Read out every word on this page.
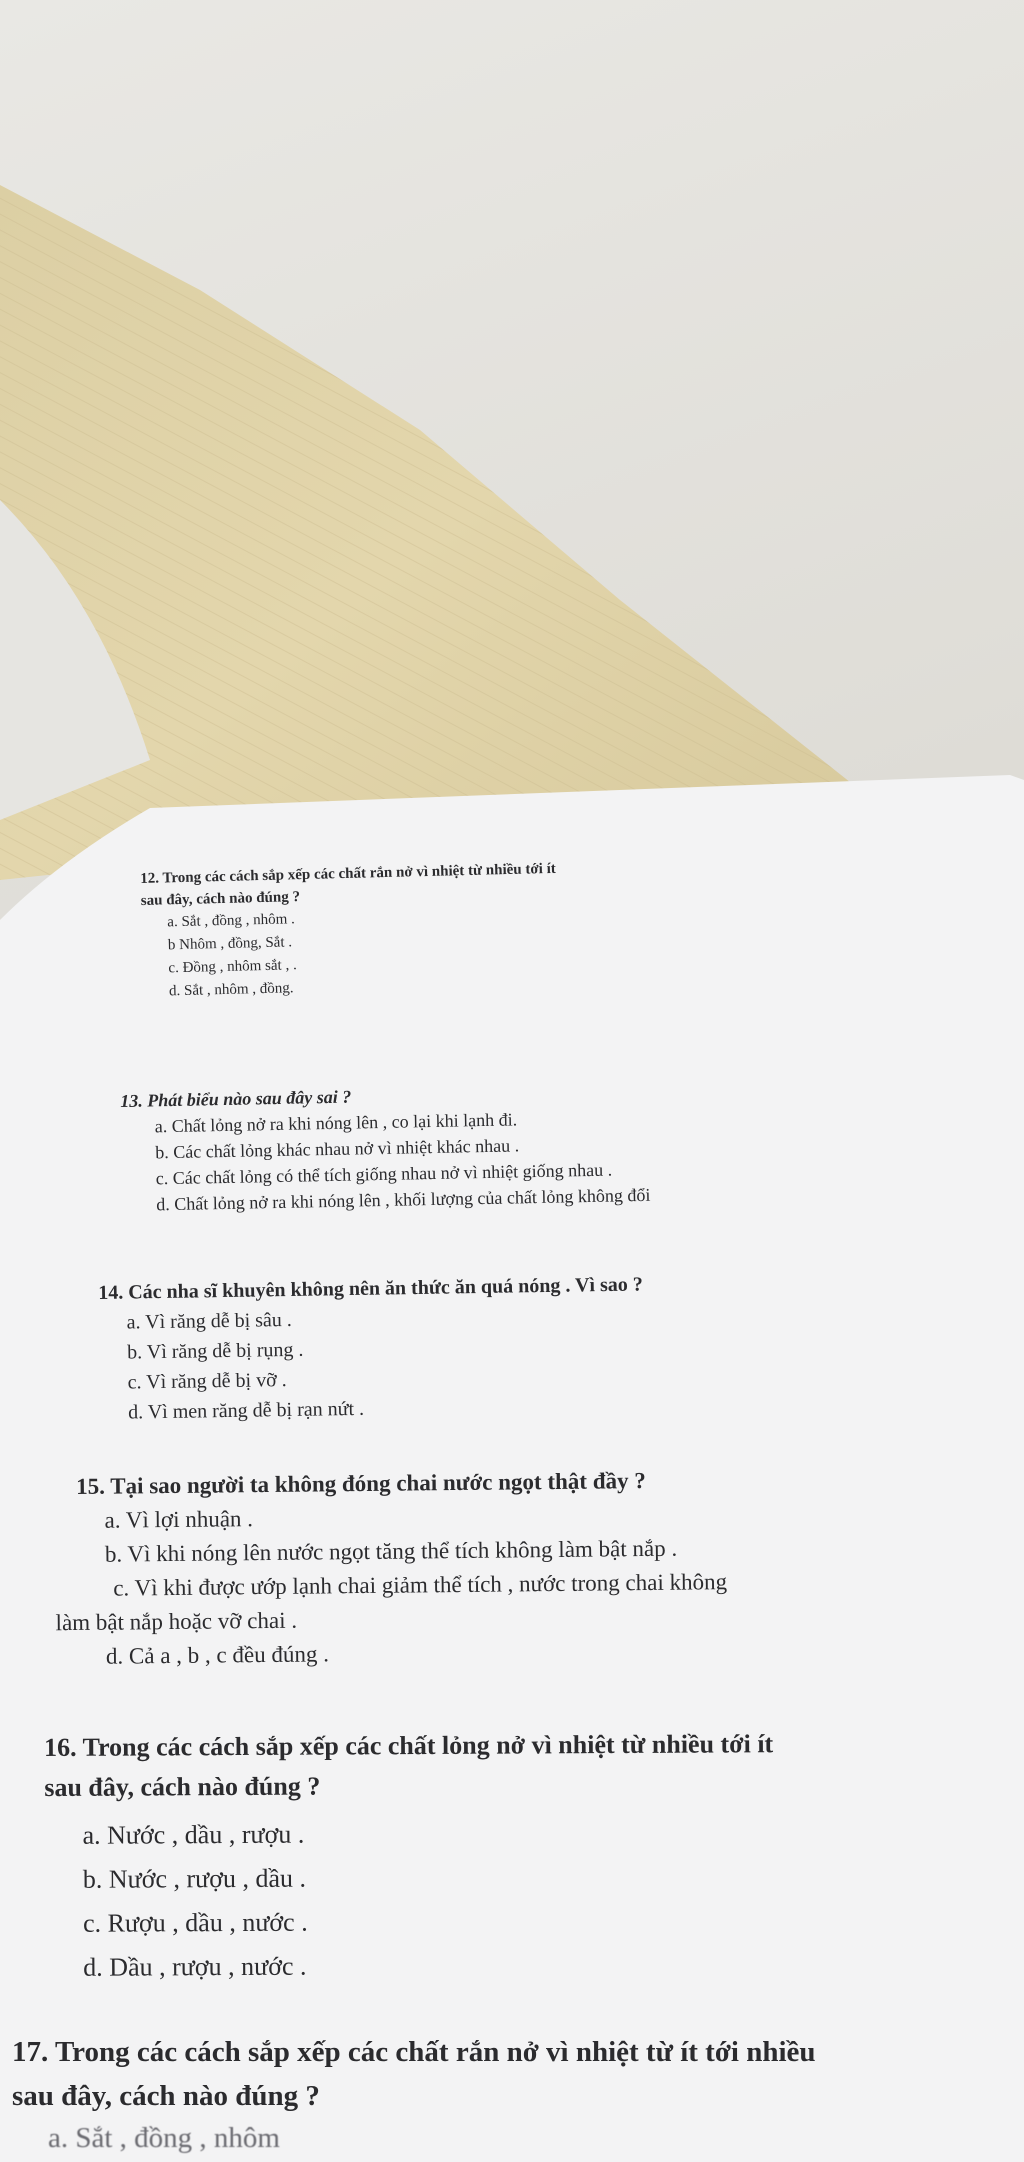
12. Trong các cách sắp xếp các chất rắn nở vì nhiệt từ nhiều tới ít
sau đây, cách nào đúng ?
a. Sắt , đồng , nhôm .
b Nhôm , đồng, Sắt .
c. Đồng , nhôm sắt , .
d. Sắt , nhôm , đồng.
13. Phát biểu nào sau đây sai ?
a. Chất lỏng nở ra khi nóng lên , co lại khi lạnh đi.
b. Các chất lỏng khác nhau nở vì nhiệt khác nhau .
c. Các chất lỏng có thể tích giống nhau nở vì nhiệt giống nhau .
d. Chất lỏng nở ra khi nóng lên , khối lượng của chất lỏng không đổi
14. Các nha sĩ khuyên không nên ăn thức ăn quá nóng . Vì sao ?
a. Vì răng dễ bị sâu .
b. Vì răng dễ bị rụng .
c. Vì răng dễ bị vỡ .
d. Vì men răng dễ bị rạn nứt .
15. Tại sao người ta không đóng chai nước ngọt thật đầy ?
a. Vì lợi nhuận .
b. Vì khi nóng lên nước ngọt tăng thể tích không làm bật nắp .
c. Vì khi được ướp lạnh chai giảm thể tích , nước trong chai không
làm bật nắp hoặc vỡ chai .
d. Cả a , b , c đều đúng .
16. Trong các cách sắp xếp các chất lỏng nở vì nhiệt từ nhiều tới ít
sau đây, cách nào đúng ?
a. Nước , dầu , rượu .
b. Nước , rượu , dầu .
c. Rượu , dầu , nước .
d. Dầu , rượu , nước .
17. Trong các cách sắp xếp các chất rắn nở vì nhiệt từ ít tới nhiều
sau đây, cách nào đúng ?
a. Sắt , đồng , nhôm
